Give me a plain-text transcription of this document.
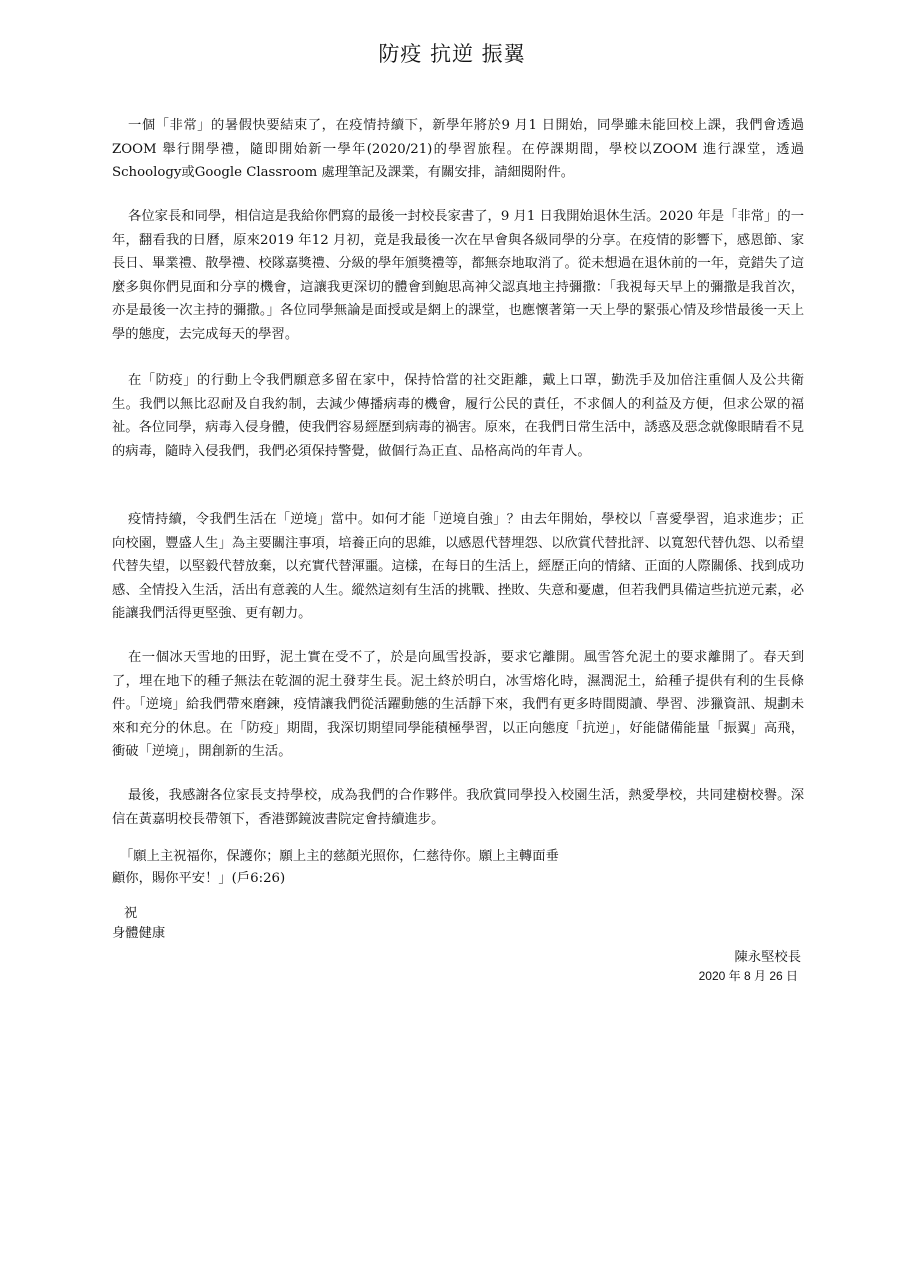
防疫 抗逆 振翼

一個「非常」的暑假快要結束了，在疫情持續下，新學年將於9 月1 日開始，同學雖未能回校上課，我們會透過 ZOOM 舉行開學禮，隨即開始新一學年(2020/21)的學習旅程。在停課期間，學校以ZOOM 進行課堂，透過 Schoology或Google Classroom 處理筆記及課業，有關安排，請細閱附件。

各位家長和同學，相信這是我給你們寫的最後一封校長家書了，9 月1 日我開始退休生活。2020 年是「非常」的一年，翻看我的日曆，原來2019 年12 月初，竟是我最後一次在早會與各級同學的分享。在疫情的影響下，感恩節、家長日、畢業禮、散學禮、校隊嘉獎禮、分級的學年頒獎禮等，都無奈地取消了。從未想過在退休前的一年，竟錯失了這麼多與你們見面和分享的機會，這讓我更深切的體會到鮑思高神父認真地主持彌撒：「我視每天早上的彌撒是我首次，亦是最後一次主持的彌撒。」各位同學無論是面授或是網上的課堂，也應懷著第一天上學的緊張心情及珍惜最後一天上學的態度，去完成每天的學習。

在「防疫」的行動上令我們願意多留在家中，保持恰當的社交距離，戴上口罩，勤洗手及加倍注重個人及公共衛生。我們以無比忍耐及自我約制，去減少傳播病毒的機會，履行公民的責任，不求個人的利益及方便，但求公眾的福祉。各位同學，病毒入侵身體，使我們容易經歷到病毒的禍害。原來，在我們日常生活中，誘惑及惡念就像眼睛看不見的病毒，隨時入侵我們，我們必須保持警覺，做個行為正直、品格高尚的年青人。

疫情持續，令我們生活在「逆境」當中。如何才能「逆境自強」？由去年開始，學校以「喜愛學習，追求進步；正向校園，豐盛人生」為主要關注事項，培養正向的思維，以感恩代替埋怨、以欣賞代替批評、以寬恕代替仇怨、以希望代替失望，以堅毅代替放棄，以充實代替渾噩。這樣，在每日的生活上，經歷正向的情緒、正面的人際關係、找到成功感、全情投入生活，活出有意義的人生。縱然這刻有生活的挑戰、挫敗、失意和憂慮，但若我們具備這些抗逆元素，必能讓我們活得更堅強、更有韌力。

在一個冰天雪地的田野，泥土實在受不了，於是向風雪投訴，要求它離開。風雪答允泥土的要求離開了。春天到了，埋在地下的種子無法在乾涸的泥土發芽生長。泥土終於明白，冰雪熔化時，濕潤泥土，給種子提供有利的生長條件。「逆境」給我們帶來磨鍊，疫情讓我們從活躍動態的生活靜下來，我們有更多時間閱讀、學習、涉獵資訊、規劃未來和充分的休息。在「防疫」期間，我深切期望同學能積極學習，以正向態度「抗逆」，好能儲備能量「振翼」高飛，衝破「逆境」，開創新的生活。

最後，我感謝各位家長支持學校，成為我們的合作夥伴。我欣賞同學投入校園生活，熱愛學校，共同建樹校譽。深信在黃嘉明校長帶領下，香港鄧鏡波書院定會持續進步。

「願上主祝福你，保護你；願上主的慈顏光照你，仁慈待你。願上主轉面垂
顧你，賜你平安！」(戶6:26)
祝
身體健康
陳永堅校長
2020 年 8 月 26 日
